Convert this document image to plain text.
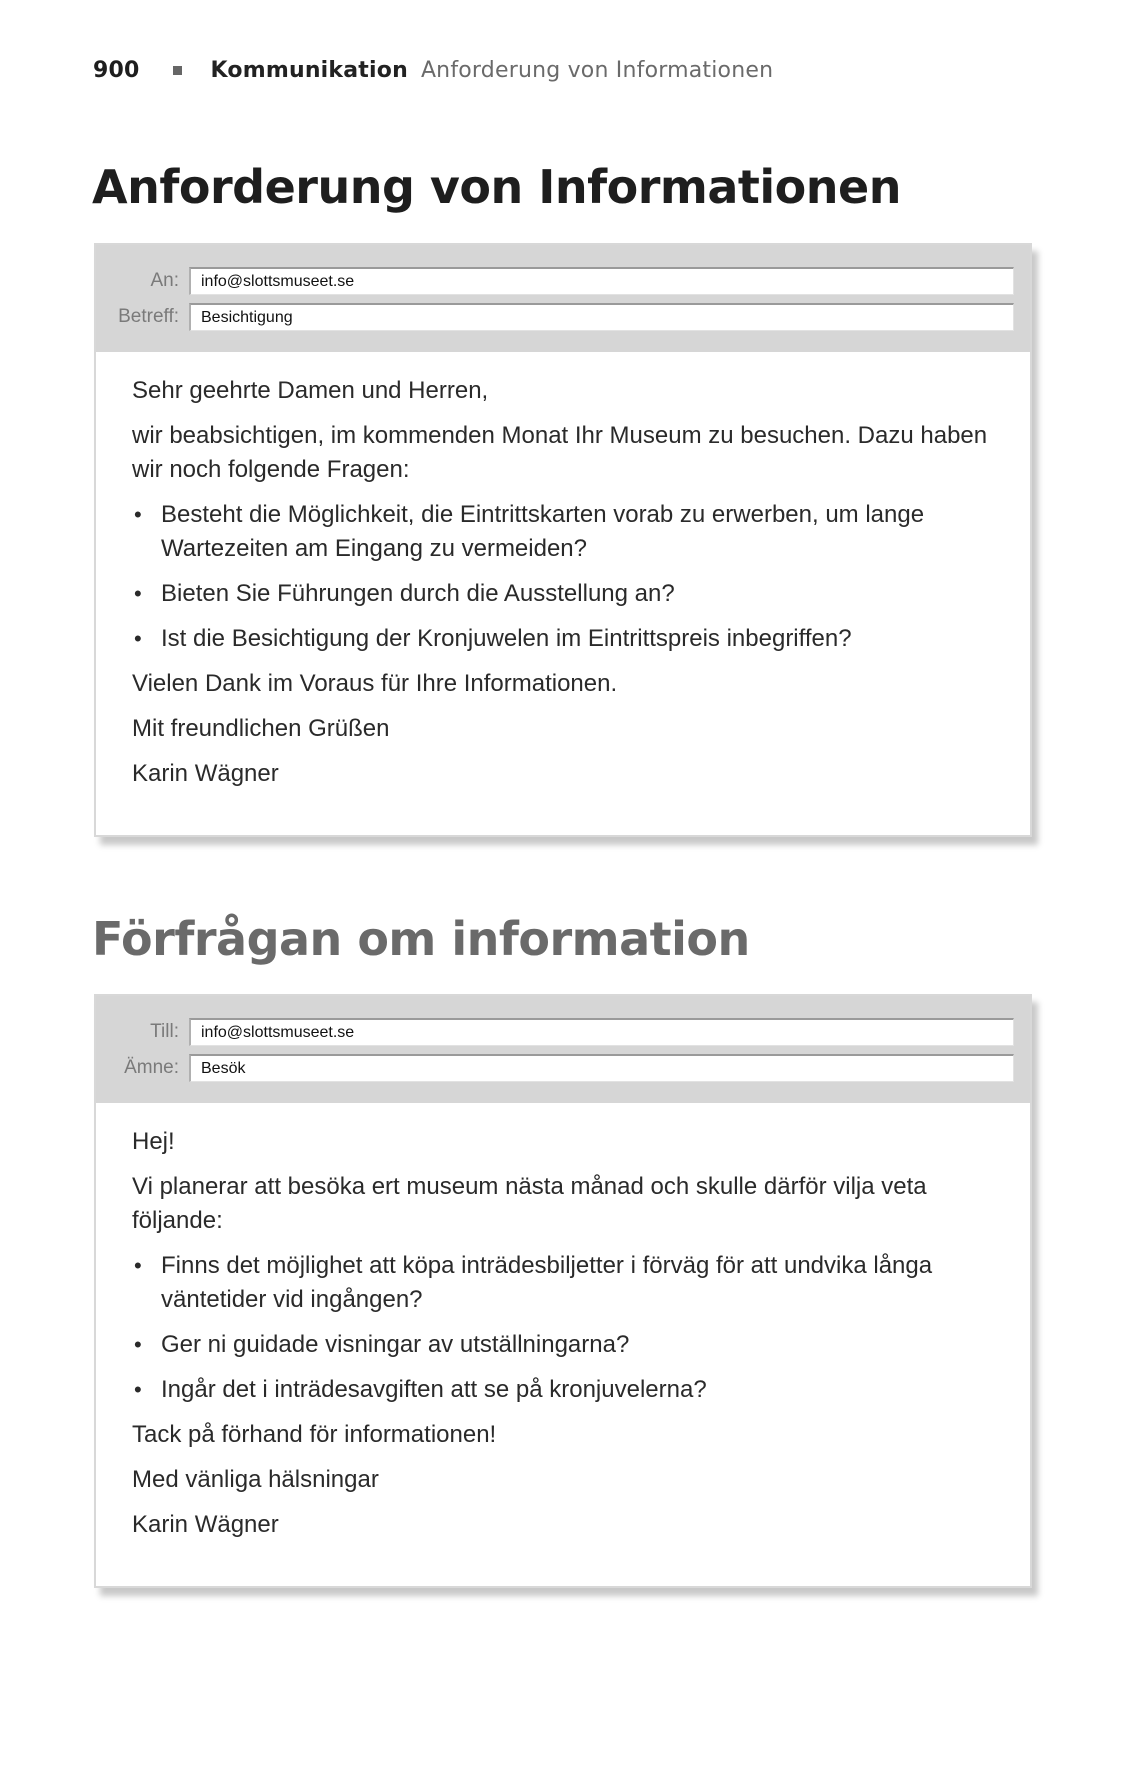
900	Kommunikation Anforderung von Informationen
Anforderung von Informationen
An:	info@slottsmuseet.se
Betreff:	Besichtigung

Sehr geehrte Damen und Herren,

wir beabsichtigen, im kommenden Monat Ihr Museum zu besuchen. Dazu haben wir noch folgende Fragen:

• Besteht die Möglichkeit, die Eintrittskarten vorab zu erwerben, um lange Wartezeiten am Eingang zu vermeiden?
• Bieten Sie Führungen durch die Ausstellung an?
• Ist die Besichtigung der Kronjuwelen im Eintrittspreis inbegriffen?

Vielen Dank im Voraus für Ihre Informationen.

Mit freundlichen Grüßen

Karin Wägner

Förfrågan om information
Till:	info@slottsmuseet.se
Ämne:	Besök

Hej!

Vi planerar att besöka ert museum nästa månad och skulle därför vilja veta följande:

• Finns det möjlighet att köpa inträdesbiljetter i förväg för att undvika långa väntetider vid ingången?
• Ger ni guidade visningar av utställningarna?
• Ingår det i inträdesavgiften att se på kronjuvelerna?

Tack på förhand för informationen!

Med vänliga hälsningar

Karin Wägner
